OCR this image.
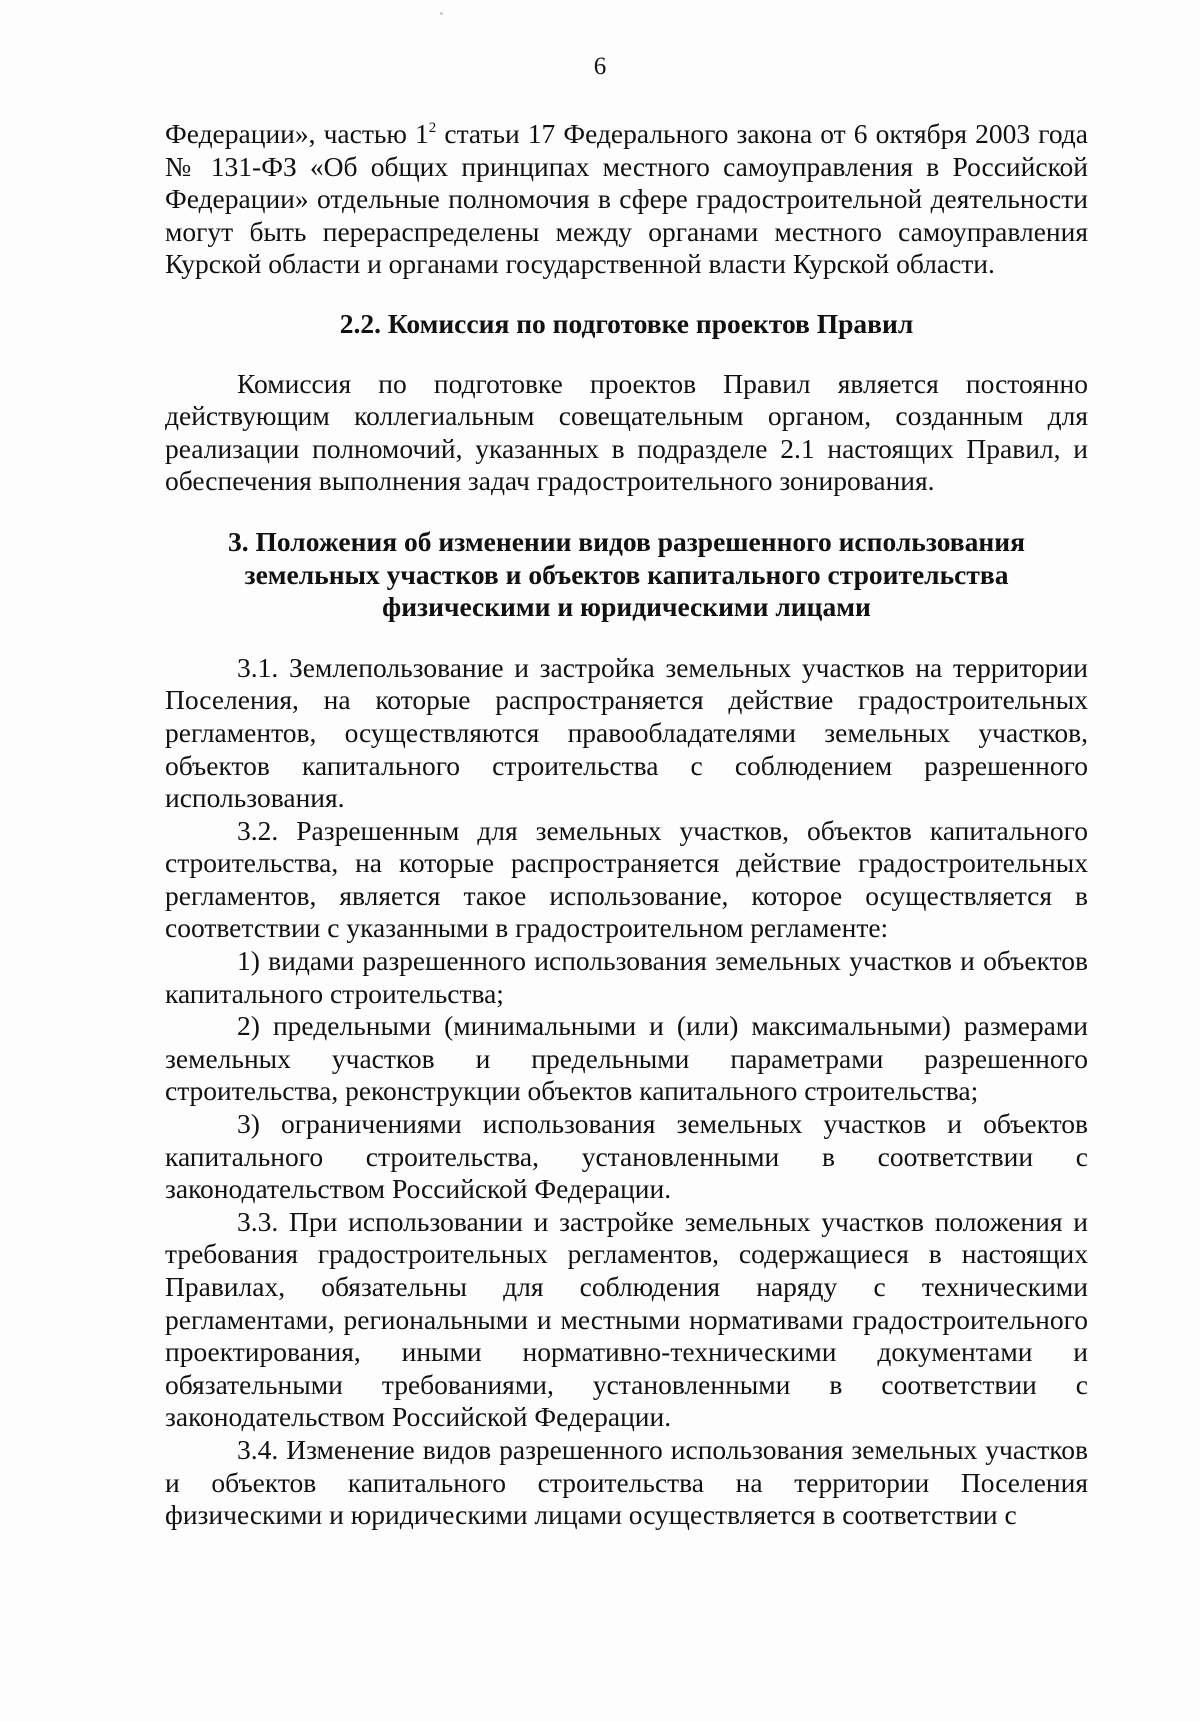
6

Федерации», частью 1$^2$ статьи 17 Федерального закона от 6 октября 2003 года № 131-ФЗ «Об общих принципах местного самоуправления в Российской Федерации» отдельные полномочия в сфере градостроительной деятельности могут быть перераспределены между органами местного самоуправления Курской области и органами государственной власти Курской области.

2.2. Комиссия по подготовке проектов Правил

Комиссия по подготовке проектов Правил является постоянно действующим коллегиальным совещательным органом, созданным для реализации полномочий, указанных в подразделе 2.1 настоящих Правил, и обеспечения выполнения задач градостроительного зонирования.

3. Положения об изменении видов разрешенного использования
земельных участков и объектов капитального строительства
физическими и юридическими лицами

3.1. Землепользование и застройка земельных участков на территории Поселения, на которые распространяется действие градостроительных регламентов, осуществляются правообладателями земельных участков, объектов капитального строительства с соблюдением разрешенного использования.

3.2. Разрешенным для земельных участков, объектов капитального строительства, на которые распространяется действие градостроительных регламентов, является такое использование, которое осуществляется в соответствии с указанными в градостроительном регламенте:

1) видами разрешенного использования земельных участков и объектов капитального строительства;

2) предельными (минимальными и (или) максимальными) размерами земельных участков и предельными параметрами разрешенного строительства, реконструкции объектов капитального строительства;

3) ограничениями использования земельных участков и объектов капитального строительства, установленными в соответствии с законодательством Российской Федерации.

3.3. При использовании и застройке земельных участков положения и требования градостроительных регламентов, содержащиеся в настоящих Правилах, обязательны для соблюдения наряду с техническими регламентами, региональными и местными нормативами градостроительного проектирования, иными нормативно-техническими документами и обязательными требованиями, установленными в соответствии с законодательством Российской Федерации.

3.4. Изменение видов разрешенного использования земельных участков и объектов капитального строительства на территории Поселения физическими и юридическими лицами осуществляется в соответствии с
